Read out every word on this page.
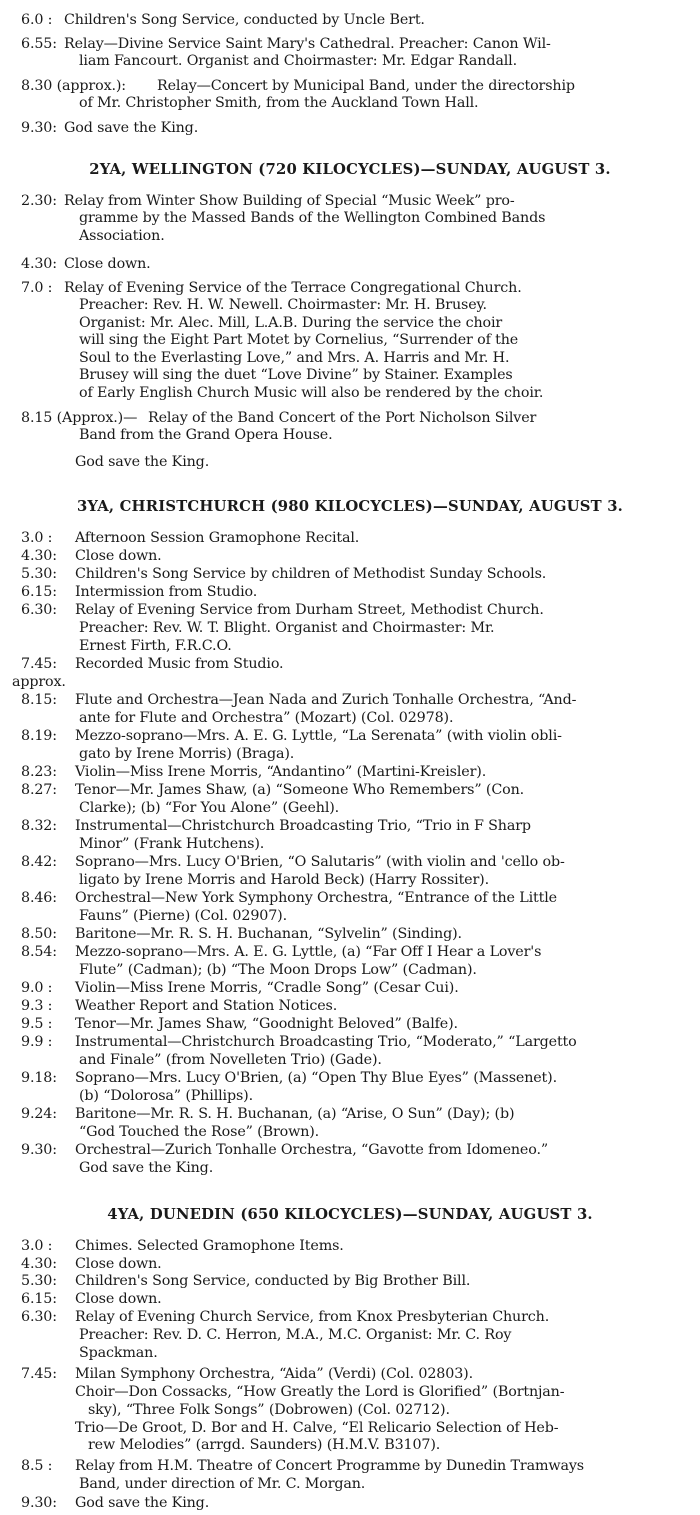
6.0 : Children's Song Service, conducted by Uncle Bert.
6.55: Relay—Divine Service Saint Mary's Cathedral. Preacher: Canon Wil-
liam Fancourt. Organist and Choirmaster: Mr. Edgar Randall.
8.30 (approx.): Relay—Concert by Municipal Band, under the directorship
of Mr. Christopher Smith, from the Auckland Town Hall.
9.30: God save the King.
2YA, WELLINGTON (720 KILOCYCLES)—SUNDAY, AUGUST 3.
2.30: Relay from Winter Show Building of Special “Music Week” pro-
gramme by the Massed Bands of the Wellington Combined Bands
Association.
4.30: Close down.
7.0 : Relay of Evening Service of the Terrace Congregational Church.
Preacher: Rev. H. W. Newell. Choirmaster: Mr. H. Brusey.
Organist: Mr. Alec. Mill, L.A.B. During the service the choir
will sing the Eight Part Motet by Cornelius, “Surrender of the
Soul to the Everlasting Love,” and Mrs. A. Harris and Mr. H.
Brusey will sing the duet “Love Divine” by Stainer. Examples
of Early English Church Music will also be rendered by the choir.
8.15 (Approx.)— Relay of the Band Concert of the Port Nicholson Silver
Band from the Grand Opera House.
God save the King.
3YA, CHRISTCHURCH (980 KILOCYCLES)—SUNDAY, AUGUST 3.
3.0 : Afternoon Session Gramophone Recital.
4.30: Close down.
5.30: Children's Song Service by children of Methodist Sunday Schools.
6.15: Intermission from Studio.
6.30: Relay of Evening Service from Durham Street, Methodist Church.
Preacher: Rev. W. T. Blight. Organist and Choirmaster: Mr.
Ernest Firth, F.R.C.O.
7.45: Recorded Music from Studio.
approx.
8.15: Flute and Orchestra—Jean Nada and Zurich Tonhalle Orchestra, “And-
ante for Flute and Orchestra” (Mozart) (Col. 02978).
8.19: Mezzo-soprano—Mrs. A. E. G. Lyttle, “La Serenata” (with violin obli-
gato by Irene Morris) (Braga).
8.23: Violin—Miss Irene Morris, “Andantino” (Martini-Kreisler).
8.27: Tenor—Mr. James Shaw, (a) “Someone Who Remembers” (Con.
Clarke); (b) “For You Alone” (Geehl).
8.32: Instrumental—Christchurch Broadcasting Trio, “Trio in F Sharp
Minor” (Frank Hutchens).
8.42: Soprano—Mrs. Lucy O'Brien, “O Salutaris” (with violin and 'cello ob-
ligato by Irene Morris and Harold Beck) (Harry Rossiter).
8.46: Orchestral—New York Symphony Orchestra, “Entrance of the Little
Fauns” (Pierne) (Col. 02907).
8.50: Baritone—Mr. R. S. H. Buchanan, “Sylvelin” (Sinding).
8.54: Mezzo-soprano—Mrs. A. E. G. Lyttle, (a) “Far Off I Hear a Lover's
Flute” (Cadman); (b) “The Moon Drops Low” (Cadman).
9.0 : Violin—Miss Irene Morris, “Cradle Song” (Cesar Cui).
9.3 : Weather Report and Station Notices.
9.5 : Tenor—Mr. James Shaw, “Goodnight Beloved” (Balfe).
9.9 : Instrumental—Christchurch Broadcasting Trio, “Moderato,” “Largetto
and Finale” (from Novelleten Trio) (Gade).
9.18: Soprano—Mrs. Lucy O'Brien, (a) “Open Thy Blue Eyes” (Massenet).
(b) “Dolorosa” (Phillips).
9.24: Baritone—Mr. R. S. H. Buchanan, (a) “Arise, O Sun” (Day); (b)
“God Touched the Rose” (Brown).
9.30: Orchestral—Zurich Tonhalle Orchestra, “Gavotte from Idomeneo.”
God save the King.
4YA, DUNEDIN (650 KILOCYCLES)—SUNDAY, AUGUST 3.
3.0 : Chimes. Selected Gramophone Items.
4.30: Close down.
5.30: Children's Song Service, conducted by Big Brother Bill.
6.15: Close down.
6.30: Relay of Evening Church Service, from Knox Presbyterian Church.
Preacher: Rev. D. C. Herron, M.A., M.C. Organist: Mr. C. Roy
Spackman.
7.45: Milan Symphony Orchestra, “Aida” (Verdi) (Col. 02803).
Choir—Don Cossacks, “How Greatly the Lord is Glorified” (Bortnjan-
sky), “Three Folk Songs” (Dobrowen) (Col. 02712).
Trio—De Groot, D. Bor and H. Calve, “El Relicario Selection of Heb-
rew Melodies” (arrgd. Saunders) (H.M.V. B3107).
8.5 : Relay from H.M. Theatre of Concert Programme by Dunedin Tramways
Band, under direction of Mr. C. Morgan.
9.30: God save the King.
